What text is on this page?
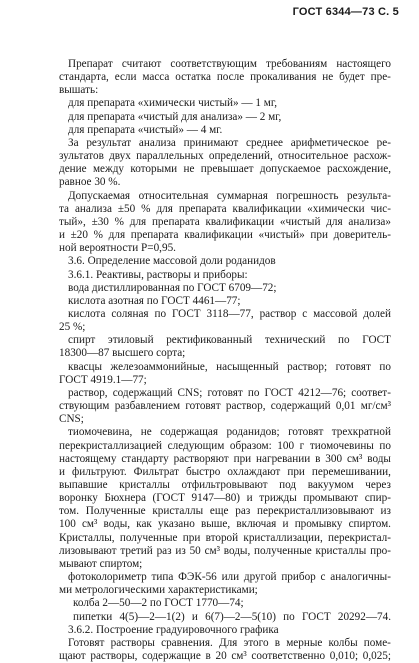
ГОСТ 6344—73 С. 5
Препарат считают соответствующим требованиям настоящего
стандарта, если масса остатка после прокаливания не будет пре-
вышать:
для препарата «химически чистый» — 1 мг,
для препарата «чистый для анализа» — 2 мг,
для препарата «чистый» — 4 мг.
За результат анализа принимают среднее арифметическое ре-
зультатов двух параллельных определений, относительное расхож-
дение между которыми не превышает допускаемое расхождение,
равное 30 %.
Допускаемая относительная суммарная погрешность результа-
та анализа ±50 % для препарата квалификации «химически чис-
тый», ±30 % для препарата квалификации «чистый для анализа»
и ±20 % для препарата квалификации «чистый» при доверитель-
ной вероятности P=0,95.
3.6. Определение массовой доли роданидов
3.6.1. Реактивы, растворы и приборы:
вода дистиллированная по ГОСТ 6709—72;
кислота азотная по ГОСТ 4461—77;
кислота соляная по ГОСТ 3118—77, раствор с массовой долей
25 %;
спирт этиловый ректификованный технический по ГОСТ
18300—87 высшего сорта;
квасцы железоаммонийные, насыщенный раствор; готовят по
ГОСТ 4919.1—77;
раствор, содержащий CNS; готовят по ГОСТ 4212—76; соответ-
ствующим разбавлением готовят раствор, содержащий 0,01 мг/см³
CNS;
тиомочевина, не содержащая роданидов; готовят трехкратной
перекристаллизацией следующим образом: 100 г тиомочевины по
настоящему стандарту растворяют при нагревании в 300 см³ воды
и фильтруют. Фильтрат быстро охлаждают при перемешивании,
выпавшие кристаллы отфильтровывают под вакуумом через
воронку Бюхнера (ГОСТ 9147—80) и трижды промывают спир-
том. Полученные кристаллы еще раз перекристаллизовывают из
100 см³ воды, как указано выше, включая и промывку спиртом.
Кристаллы, полученные при второй кристаллизации, перекристал-
лизовывают третий раз из 50 см³ воды, полученные кристаллы про-
мывают спиртом;
фотоколориметр типа ФЭК-56 или другой прибор с аналогичны-
ми метрологическими характеристиками;
колба 2—50—2 по ГОСТ 1770—74;
пипетки 4(5)—2—1(2) и 6(7)—2—5(10) по ГОСТ 20292—74.
3.6.2. Построение градуировочного графика
Готовят растворы сравнения. Для этого в мерные колбы поме-
щают растворы, содержащие в 20 см³ соответственно 0,010; 0,025;
